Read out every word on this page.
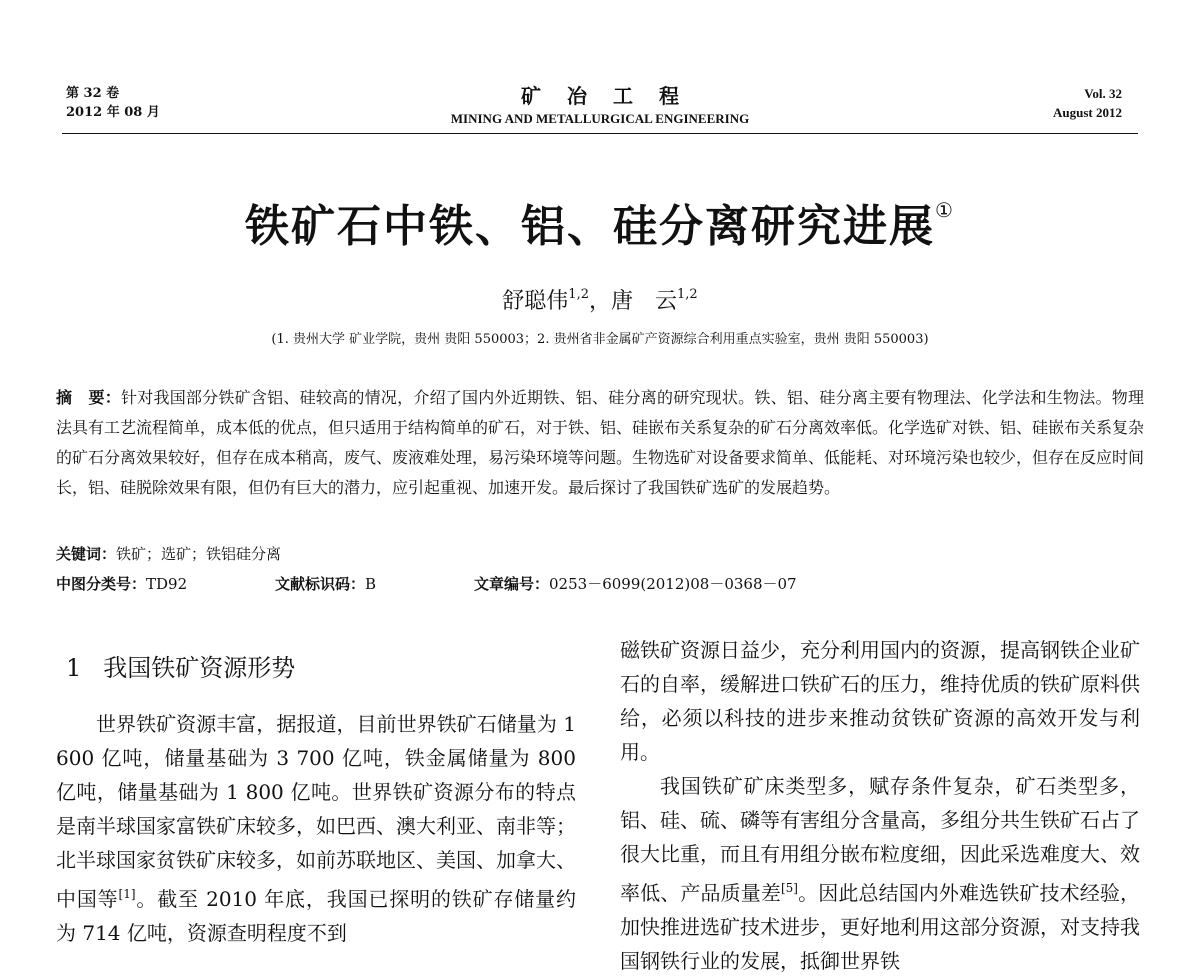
第 32 卷
2012 年 08 月
矿冶工程
MINING AND METALLURGICAL ENGINEERING
Vol. 32
August 2012
铁矿石中铁、铝、硅分离研究进展①
舒聪伟$^{1,2}$，唐　云$^{1,2}$
(1. 贵州大学 矿业学院，贵州 贵阳 550003；2. 贵州省非金属矿产资源综合利用重点实验室，贵州 贵阳 550003)
摘　要：针对我国部分铁矿含铝、硅较高的情况，介绍了国内外近期铁、铝、硅分离的研究现状。铁、铝、硅分离主要有物理法、化学法和生物法。物理法具有工艺流程简单，成本低的优点，但只适用于结构简单的矿石，对于铁、铝、硅嵌布关系复杂的矿石分离效率低。化学选矿对铁、铝、硅嵌布关系复杂的矿石分离效果较好，但存在成本稍高，废气、废液难处理，易污染环境等问题。生物选矿对设备要求简单、低能耗、对环境污染也较少，但存在反应时间长，铝、硅脱除效果有限，但仍有巨大的潜力，应引起重视、加速开发。最后探讨了我国铁矿选矿的发展趋势。
关键词：铁矿；选矿；铁铝硅分离
中图分类号：TD92	文献标识码：B	文章编号：0253－6099(2012)08－0368－07
1 我国铁矿资源形势

世界铁矿资源丰富，据报道，目前世界铁矿石储量为 1 600 亿吨，储量基础为 3 700 亿吨，铁金属储量为 800 亿吨，储量基础为 1 800 亿吨。世界铁矿资源分布的特点是南半球国家富铁矿床较多，如巴西、澳大利亚、南非等；北半球国家贫铁矿床较多，如前苏联地区、美国、加拿大、中国等[1]。截至 2010 年底，我国已探明的铁矿存储量约为 714 亿吨，资源查明程度不到

磁铁矿资源日益少，充分利用国内的资源，提高钢铁企业矿石的自率，缓解进口铁矿石的压力，维持优质的铁矿原料供给，必须以科技的进步来推动贫铁矿资源的高效开发与利用。

我国铁矿矿床类型多，赋存条件复杂，矿石类型多，铝、硅、硫、磷等有害组分含量高，多组分共生铁矿石占了很大比重，而且有用组分嵌布粒度细，因此采选难度大、效率低、产品质量差[5]。因此总结国内外难选铁矿技术经验，加快推进选矿技术进步，更好地利用这部分资源，对支持我国钢铁行业的发展，抵御世界铁
